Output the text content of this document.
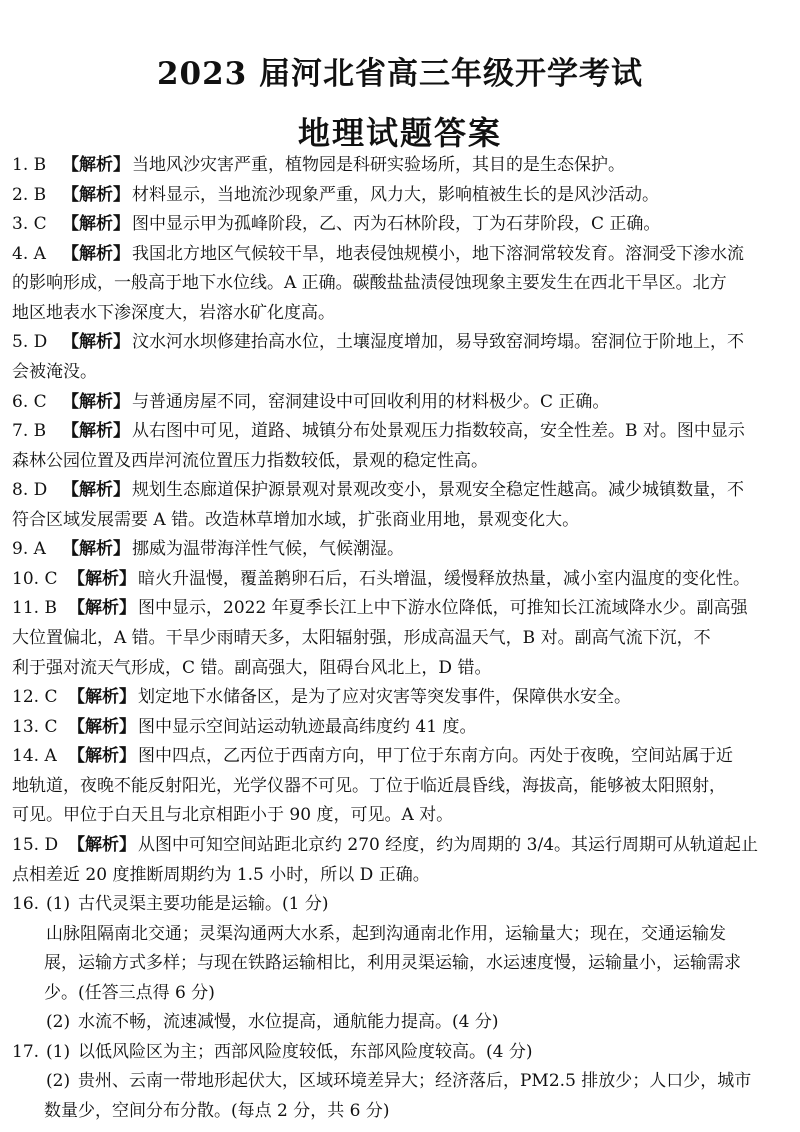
2023 届河北省高三年级开学考试
地理试题答案
1. B 【解析】 当地风沙灾害严重，植物园是科研实验场所，其目的是生态保护。
2. B 【解析】 材料显示，当地流沙现象严重，风力大，影响植被生长的是风沙活动。
3. C 【解析】 图中显示甲为孤峰阶段，乙、丙为石林阶段，丁为石芽阶段，C 正确。
4. A 【解析】 我国北方地区气候较干旱，地表侵蚀规模小，地下溶洞常较发育。溶洞受下渗水流
的影响形成，一般高于地下水位线。A 正确。碳酸盐盐渍侵蚀现象主要发生在西北干旱区。北方
地区地表水下渗深度大，岩溶水矿化度高。
5. D 【解析】 汶水河水坝修建抬高水位，土壤湿度增加，易导致窑洞垮塌。窑洞位于阶地上，不
会被淹没。
6. C 【解析】 与普通房屋不同，窑洞建设中可回收利用的材料极少。C 正确。
7. B 【解析】 从右图中可见，道路、城镇分布处景观压力指数较高，安全性差。B 对。图中显示
森林公园位置及西岸河流位置压力指数较低，景观的稳定性高。
8. D 【解析】 规划生态廊道保护源景观对景观改变小，景观安全稳定性越高。减少城镇数量，不
符合区域发展需要 A 错。改造林草增加水域，扩张商业用地，景观变化大。
9. A 【解析】 挪威为温带海洋性气候，气候潮湿。
10. C 【解析】 暗火升温慢，覆盖鹅卵石后，石头增温，缓慢释放热量，减小室内温度的变化性。
11. B 【解析】 图中显示，2022 年夏季长江上中下游水位降低，可推知长江流域降水少。副高强
大位置偏北，A 错。干旱少雨晴天多，太阳辐射强，形成高温天气，B 对。副高气流下沉，不
利于强对流天气形成，C 错。副高强大，阻碍台风北上，D 错。
12. C 【解析】 划定地下水储备区，是为了应对灾害等突发事件，保障供水安全。
13. C 【解析】 图中显示空间站运动轨迹最高纬度约 41 度。
14. A 【解析】 图中四点，乙丙位于西南方向，甲丁位于东南方向。丙处于夜晚，空间站属于近
地轨道，夜晚不能反射阳光，光学仪器不可见。丁位于临近晨昏线，海拔高，能够被太阳照射，
可见。甲位于白天且与北京相距小于 90 度，可见。A 对。
15. D 【解析】 从图中可知空间站距北京约 270 经度，约为周期的 3/4。其运行周期可从轨道起止
点相差近 20 度推断周期约为 1.5 小时，所以 D 正确。
16. (1) 古代灵渠主要功能是运输。(1 分)
山脉阻隔南北交通；灵渠沟通两大水系，起到沟通南北作用，运输量大；现在，交通运输发
展，运输方式多样；与现在铁路运输相比，利用灵渠运输，水运速度慢，运输量小，运输需求
少。(任答三点得 6 分)
(2) 水流不畅，流速减慢，水位提高，通航能力提高。(4 分)
17. (1) 以低风险区为主；西部风险度较低，东部风险度较高。(4 分)
(2) 贵州、云南一带地形起伏大，区域环境差异大；经济落后，PM2.5 排放少；人口少，城市
数量少，空间分布分散。(每点 2 分，共 6 分)
